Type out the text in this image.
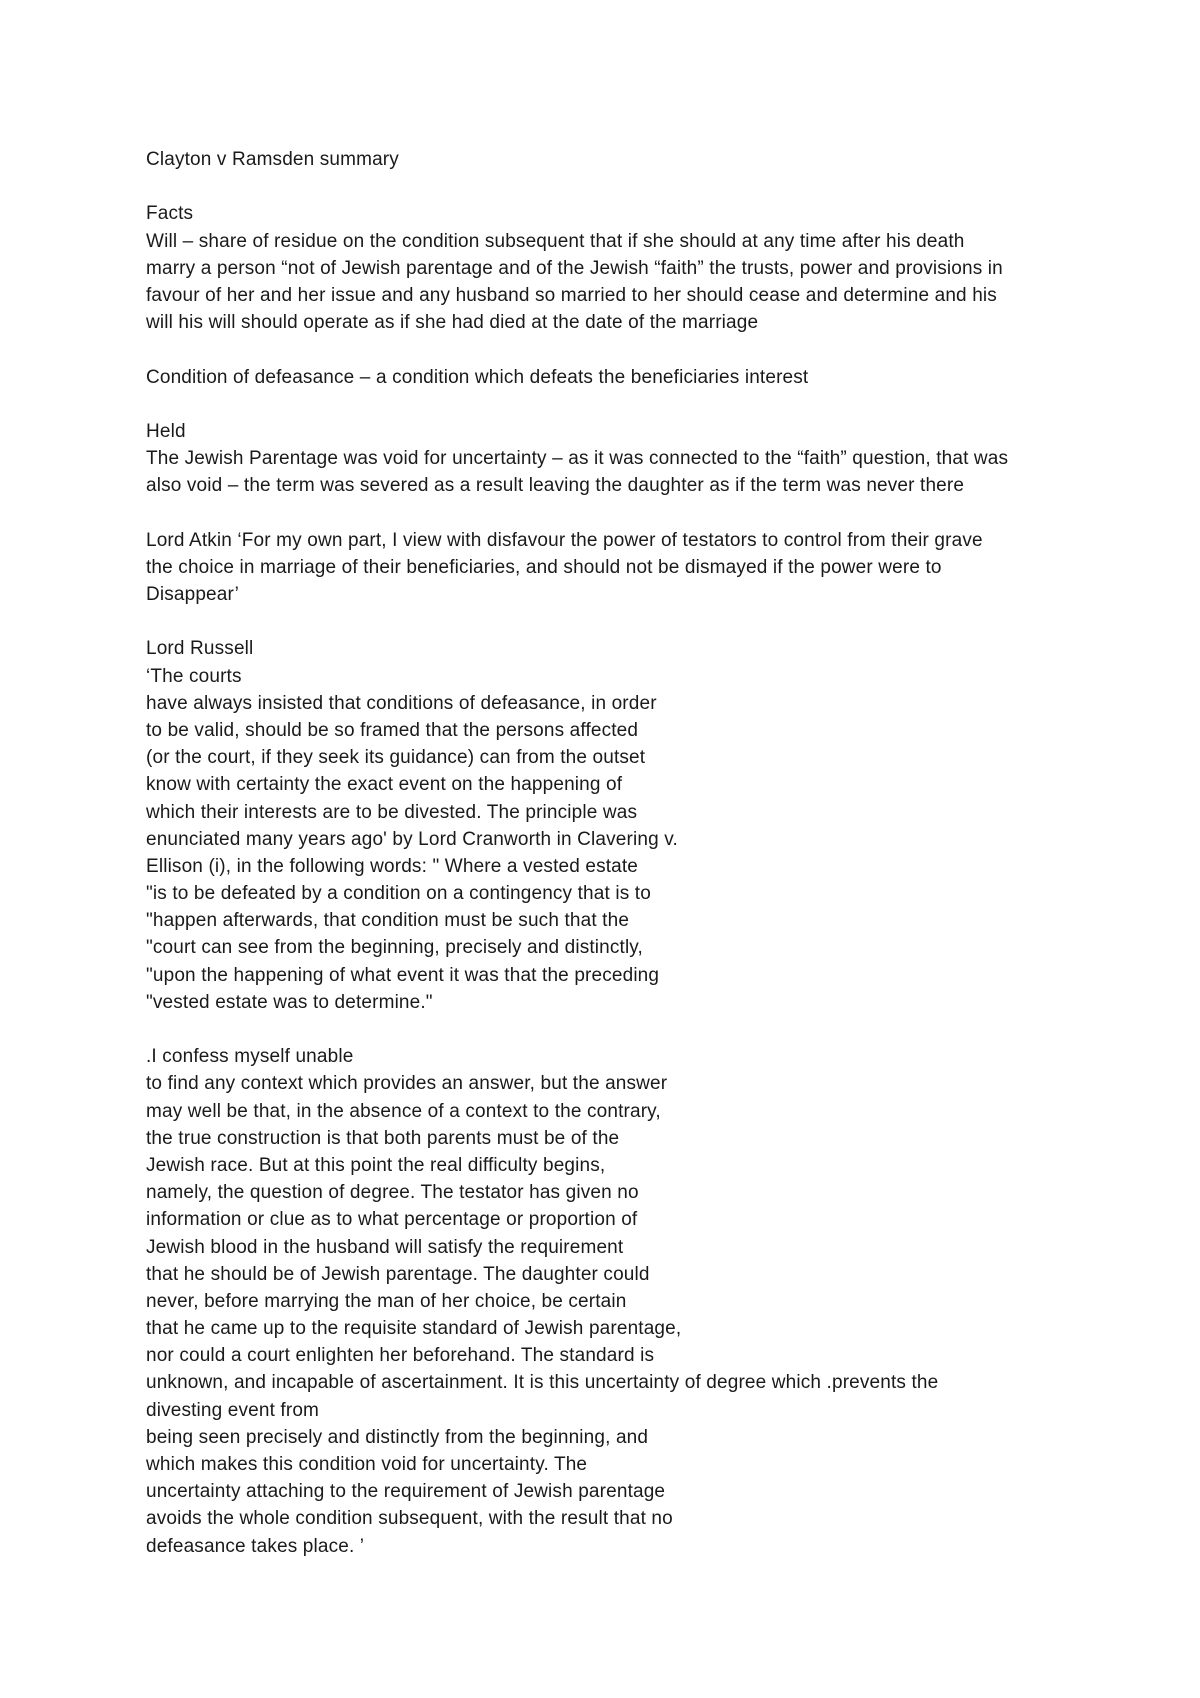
Clayton v Ramsden summary
Facts
Will – share of residue on the condition subsequent that if she should at any time after his death
marry a person “not of Jewish parentage and of the Jewish “faith” the trusts, power and provisions in
favour of her and her issue and any husband so married to her should cease and determine and his
will his will should operate as if she had died at the date of the marriage
Condition of defeasance – a condition which defeats the beneficiaries interest
Held
The Jewish Parentage was void for uncertainty – as it was connected to the “faith” question, that was
also void – the term was severed as a result leaving the daughter as if the term was never there
Lord Atkin ‘For my own part, I view with disfavour the power of testators to control from their grave
the choice in marriage of their beneficiaries, and should not be dismayed if the power were to
Disappear’
Lord Russell
‘The courts
have always insisted that conditions of defeasance, in order
to be valid, should be so framed that the persons affected
(or the court, if they seek its guidance) can from the outset
know with certainty the exact event on the happening of
which their interests are to be divested. The principle was
enunciated many years ago' by Lord Cranworth in Clavering v.
Ellison (i), in the following words: " Where a vested estate
"is to be defeated by a condition on a contingency that is to
"happen afterwards, that condition must be such that the
"court can see from the beginning, precisely and distinctly,
"upon the happening of what event it was that the preceding
"vested estate was to determine."
.I confess myself unable
to find any context which provides an answer, but the answer
may well be that, in the absence of a context to the contrary,
the true construction is that both parents must be of the
Jewish race. But at this point the real difficulty begins,
namely, the question of degree. The testator has given no
information or clue as to what percentage or proportion of
Jewish blood in the husband will satisfy the requirement
that he should be of Jewish parentage. The daughter could
never, before marrying the man of her choice, be certain
that he came up to the requisite standard of Jewish parentage,
nor could a court enlighten her beforehand. The standard is
unknown, and incapable of ascertainment. It is this uncertainty of degree which .prevents the
divesting event from
being seen precisely and distinctly from the beginning, and
which makes this condition void for uncertainty. The
uncertainty attaching to the requirement of Jewish parentage
avoids the whole condition subsequent, with the result that no
defeasance takes place. ’
